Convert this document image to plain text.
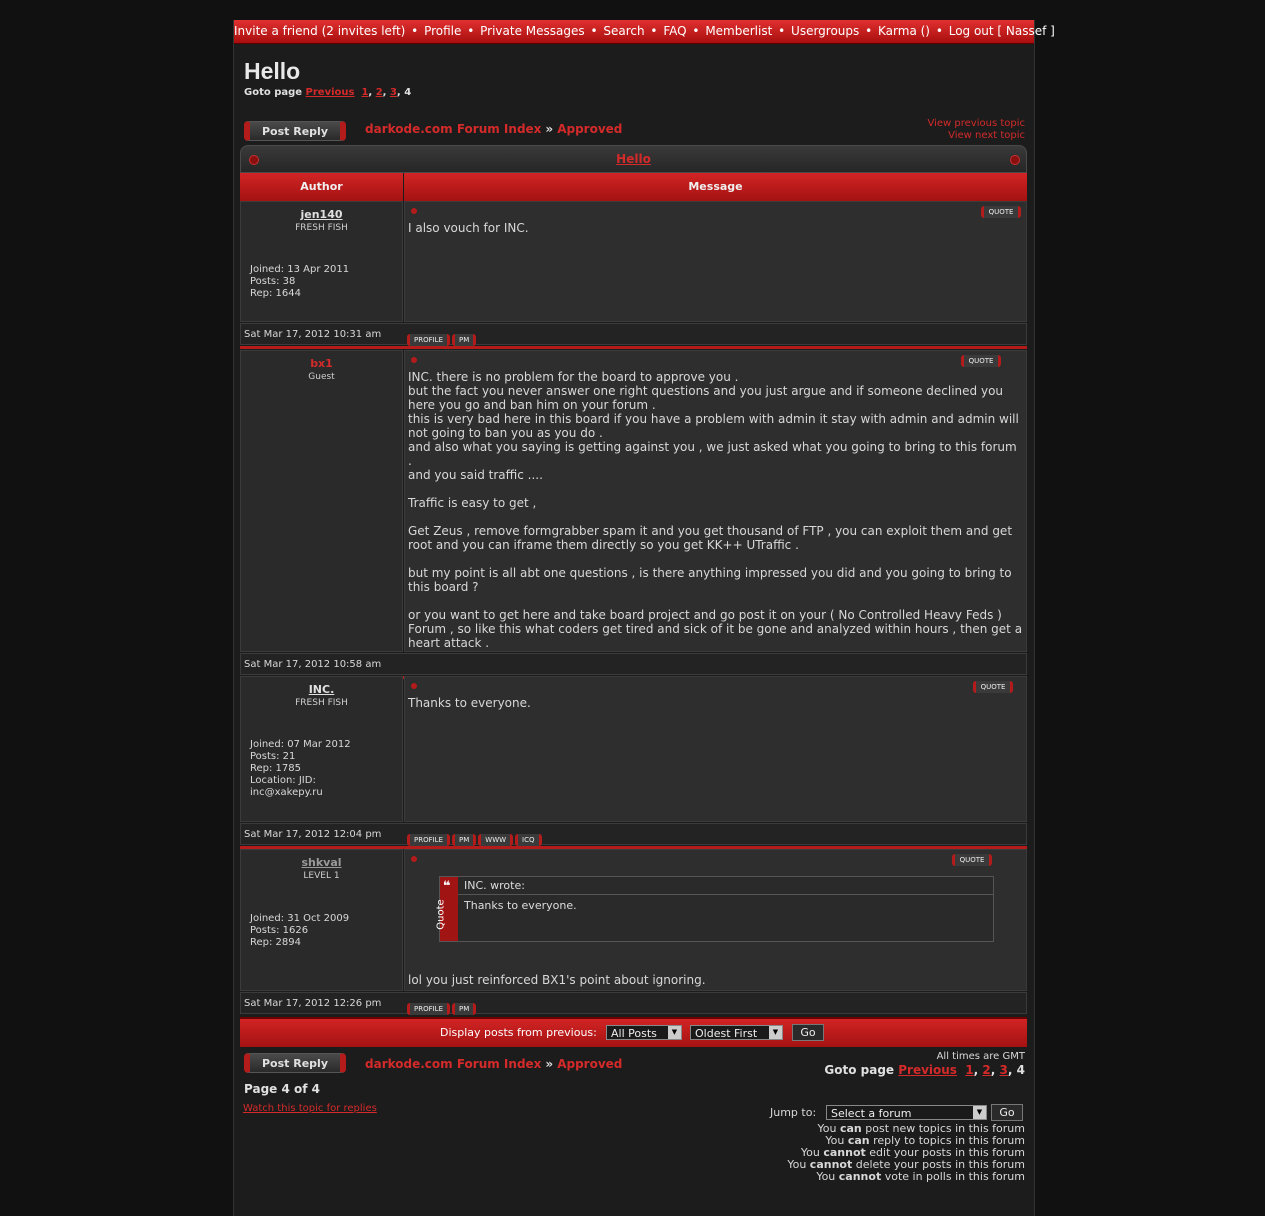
Invite a friend (2 invites left) • Profile • Private Messages • Search • FAQ • Memberlist • Usergroups • Karma () • Log out [ Nassef ]
Hello
Goto page Previous 1, 2, 3, 4
Post Reply	darkode.com Forum Index » Approved	View previous topic
View next topic
Hello
Author	Message
jen140
FRESH FISH
Joined: 13 Apr 2011
Posts: 38
Rep: 1644
QUOTE
I also vouch for INC.
Sat Mar 17, 2012 10:31 am	PROFILE PM
bx1
Guest
QUOTE
INC. there is no problem for the board to approve you .
but the fact you never answer one right questions and you just argue and if someone declined you here you go and ban him on your forum .
this is very bad here in this board if you have a problem with admin it stay with admin and admin will not going to ban you as you do .
and also what you saying is getting against you , we just asked what you going to bring to this forum .
and you said traffic ....

Traffic is easy to get ,

Get Zeus , remove formgrabber spam it and you get thousand of FTP , you can exploit them and get root and you can iframe them directly so you get KK++ UTraffic .

but my point is all abt one questions , is there anything impressed you did and you going to bring to this board ?

or you want to get here and take board project and go post it on your ( No Controlled Heavy Feds ) Forum , so like this what coders get tired and sick of it be gone and analyzed within hours , then get a heart attack .
Sat Mar 17, 2012 10:58 am
INC.
FRESH FISH
Joined: 07 Mar 2012
Posts: 21
Rep: 1785
Location: JID:
inc@xakepy.ru
QUOTE
Thanks to everyone.
Sat Mar 17, 2012 12:04 pm	PROFILE PM WWW ICQ
shkval
LEVEL 1
Joined: 31 Oct 2009
Posts: 1626
Rep: 2894
QUOTE
❝
Quote
INC. wrote:
Thanks to everyone.
lol you just reinforced BX1's point about ignoring.
Sat Mar 17, 2012 12:26 pm	PROFILE PM
Display posts from previous:	All Posts	▼	Oldest First	▼	Go
Post Reply	darkode.com Forum Index » Approved
All times are GMT
Goto page Previous 1, 2, 3, 4
Page 4 of 4
Watch this topic for replies	Jump to:	Select a forum	▼	Go
You can post new topics in this forum
You can reply to topics in this forum
You cannot edit your posts in this forum
You cannot delete your posts in this forum
You cannot vote in polls in this forum
